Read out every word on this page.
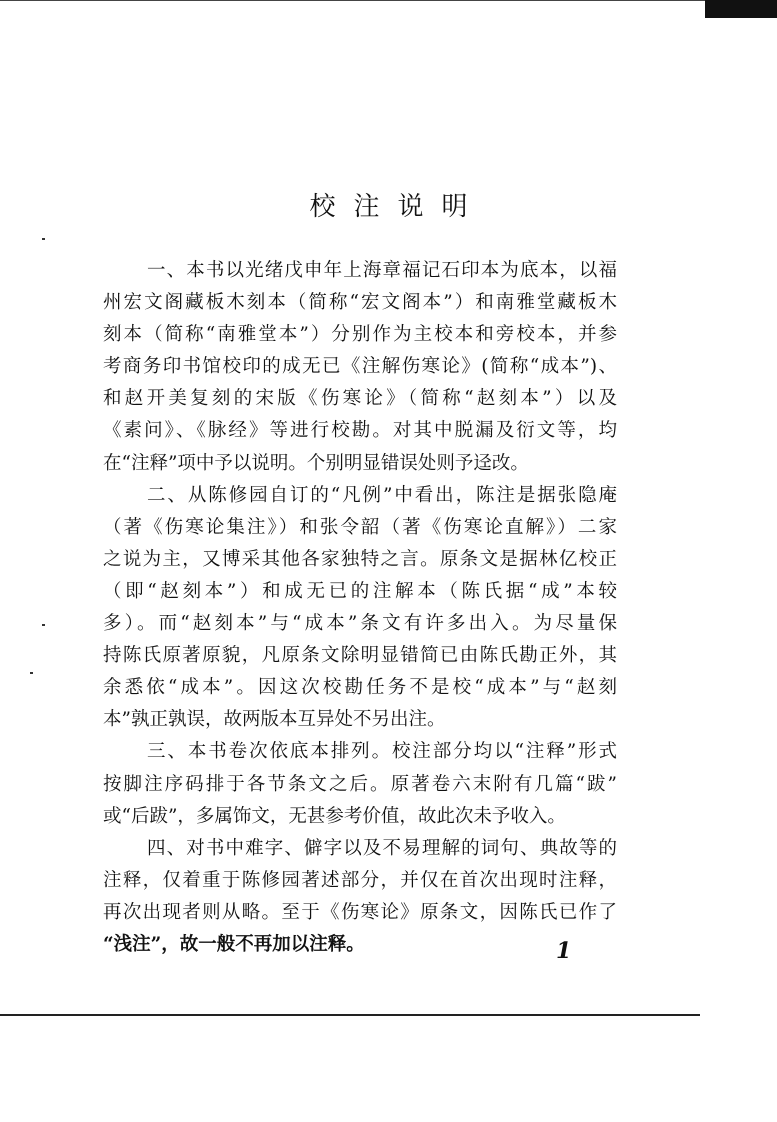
校注说明
一、本书以光绪戊申年上海章福记石印本为底本，以福
州宏文阁藏板木刻本（简称“宏文阁本”）和南雅堂藏板木
刻本（简称“南雅堂本”）分别作为主校本和旁校本，并参
考商务印书馆校印的成无已《注解伤寒论》(简称“成本”)、
和赵开美复刻的宋版《伤寒论》（简称“赵刻本”）以及
《素问》、《脉经》等进行校勘。对其中脱漏及衍文等，均
在“注释”项中予以说明。个别明显错误处则予迳改。
二、从陈修园自订的“凡例”中看出，陈注是据张隐庵
（著《伤寒论集注》）和张令韶（著《伤寒论直解》）二家
之说为主，又博采其他各家独特之言。原条文是据林亿校正
（即“赵刻本”）和成无已的注解本（陈氏据“成”本较
多）。而“赵刻本”与“成本”条文有许多出入。为尽量保
持陈氏原著原貌，凡原条文除明显错简已由陈氏勘正外，其
余悉依“成本”。因这次校勘任务不是校“成本”与“赵刻
本”孰正孰误，故两版本互异处不另出注。
三、本书卷次依底本排列。校注部分均以“注释”形式
按脚注序码排于各节条文之后。原著卷六末附有几篇“跋”
或“后跋”，多属饰文，无甚参考价值，故此次未予收入。
四、对书中难字、僻字以及不易理解的词句、典故等的
注释，仅着重于陈修园著述部分，并仅在首次出现时注释，
再次出现者则从略。至于《伤寒论》原条文，因陈氏已作了
“浅注”，故一般不再加以注释。	1
